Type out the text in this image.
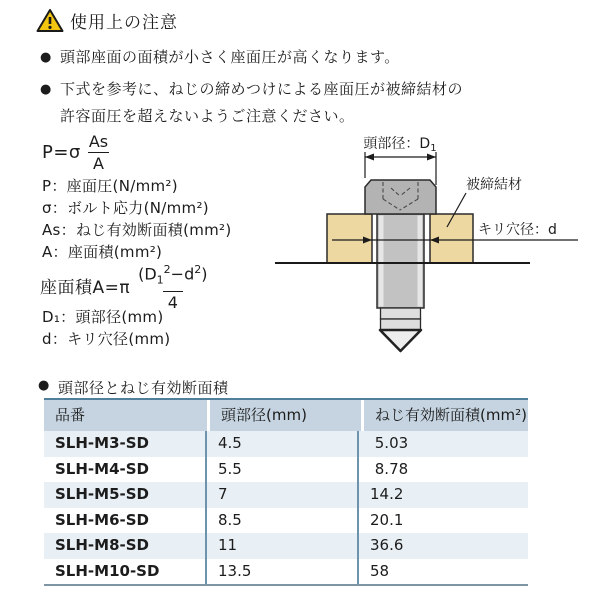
使用上の注意
● 頭部座面の面積が小さく座面圧が高くなります。
● 下式を参考に、ねじの締めつけによる座面圧が被締結材の許容面圧を超えないようご注意ください。
$P=\sigma \frac{As}{A}$
P：座面圧(N/mm²)
σ：ボルト応力(N/mm²)
As：ねじ有効断面積(mm²)
A：座面積(mm²)
座面積$A=\pi \frac{(D_1^2-d^2)}{4}$
D₁：頭部径(mm)
d：キリ穴径(mm)
頭部径：$D_1$
キリ穴径：d
被締結材
● 頭部径とねじ有効断面積
品番	頭部径(mm)	ねじ有効断面積(mm²)
SLH-M3-SD	4.5	5.03
SLH-M4-SD	5.5	8.78
SLH-M5-SD	7	14.2
SLH-M6-SD	8.5	20.1
SLH-M8-SD	11	36.6
SLH-M10-SD	13.5	58
